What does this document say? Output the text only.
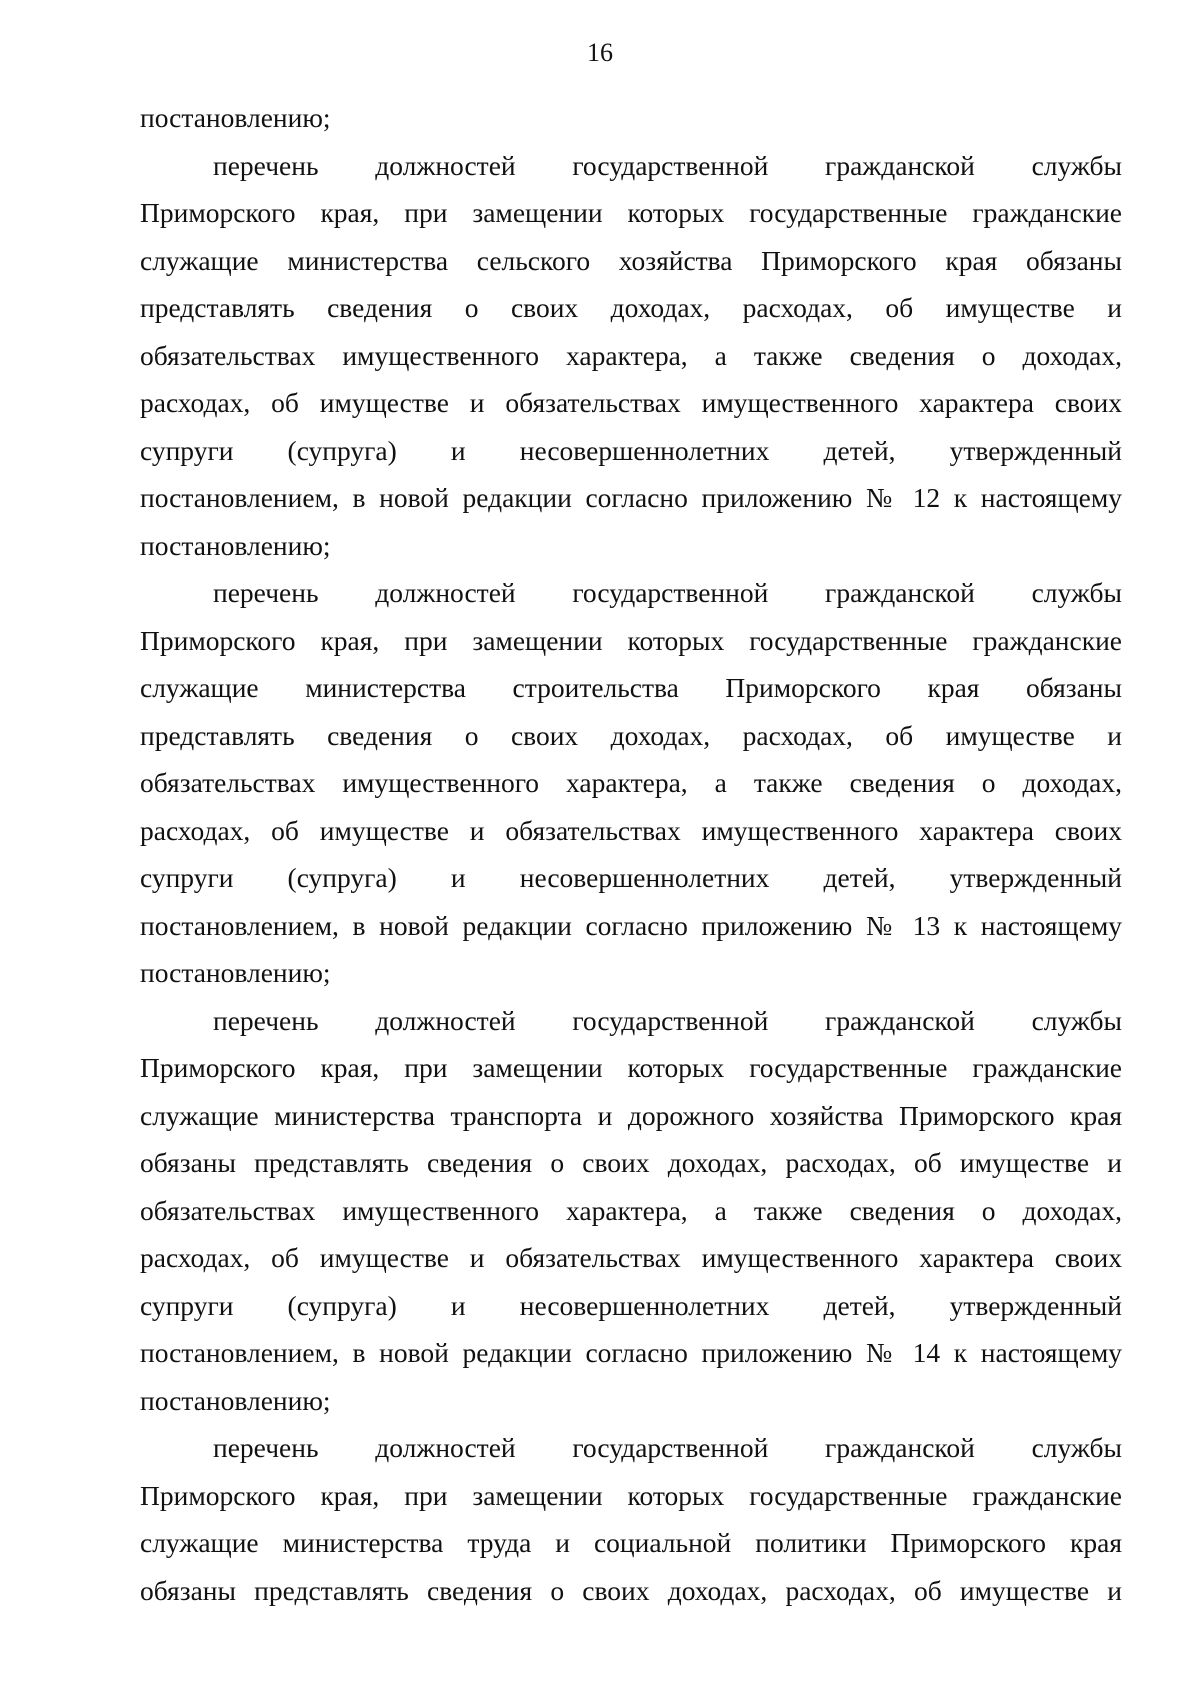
16
постановлению;
перечень должностей государственной гражданской службы
Приморского края, при замещении которых государственные гражданские
служащие министерства сельского хозяйства Приморского края обязаны
представлять сведения о своих доходах, расходах, об имуществе и
обязательствах имущественного характера, а также сведения о доходах,
расходах, об имуществе и обязательствах имущественного характера своих
супруги (супруга) и несовершеннолетних детей, утвержденный
постановлением, в новой редакции согласно приложению № 12 к настоящему
постановлению;
перечень должностей государственной гражданской службы
Приморского края, при замещении которых государственные гражданские
служащие министерства строительства Приморского края обязаны
представлять сведения о своих доходах, расходах, об имуществе и
обязательствах имущественного характера, а также сведения о доходах,
расходах, об имуществе и обязательствах имущественного характера своих
супруги (супруга) и несовершеннолетних детей, утвержденный
постановлением, в новой редакции согласно приложению № 13 к настоящему
постановлению;
перечень должностей государственной гражданской службы
Приморского края, при замещении которых государственные гражданские
служащие министерства транспорта и дорожного хозяйства Приморского края
обязаны представлять сведения о своих доходах, расходах, об имуществе и
обязательствах имущественного характера, а также сведения о доходах,
расходах, об имуществе и обязательствах имущественного характера своих
супруги (супруга) и несовершеннолетних детей, утвержденный
постановлением, в новой редакции согласно приложению № 14 к настоящему
постановлению;
перечень должностей государственной гражданской службы
Приморского края, при замещении которых государственные гражданские
служащие министерства труда и социальной политики Приморского края
обязаны представлять сведения о своих доходах, расходах, об имуществе и
